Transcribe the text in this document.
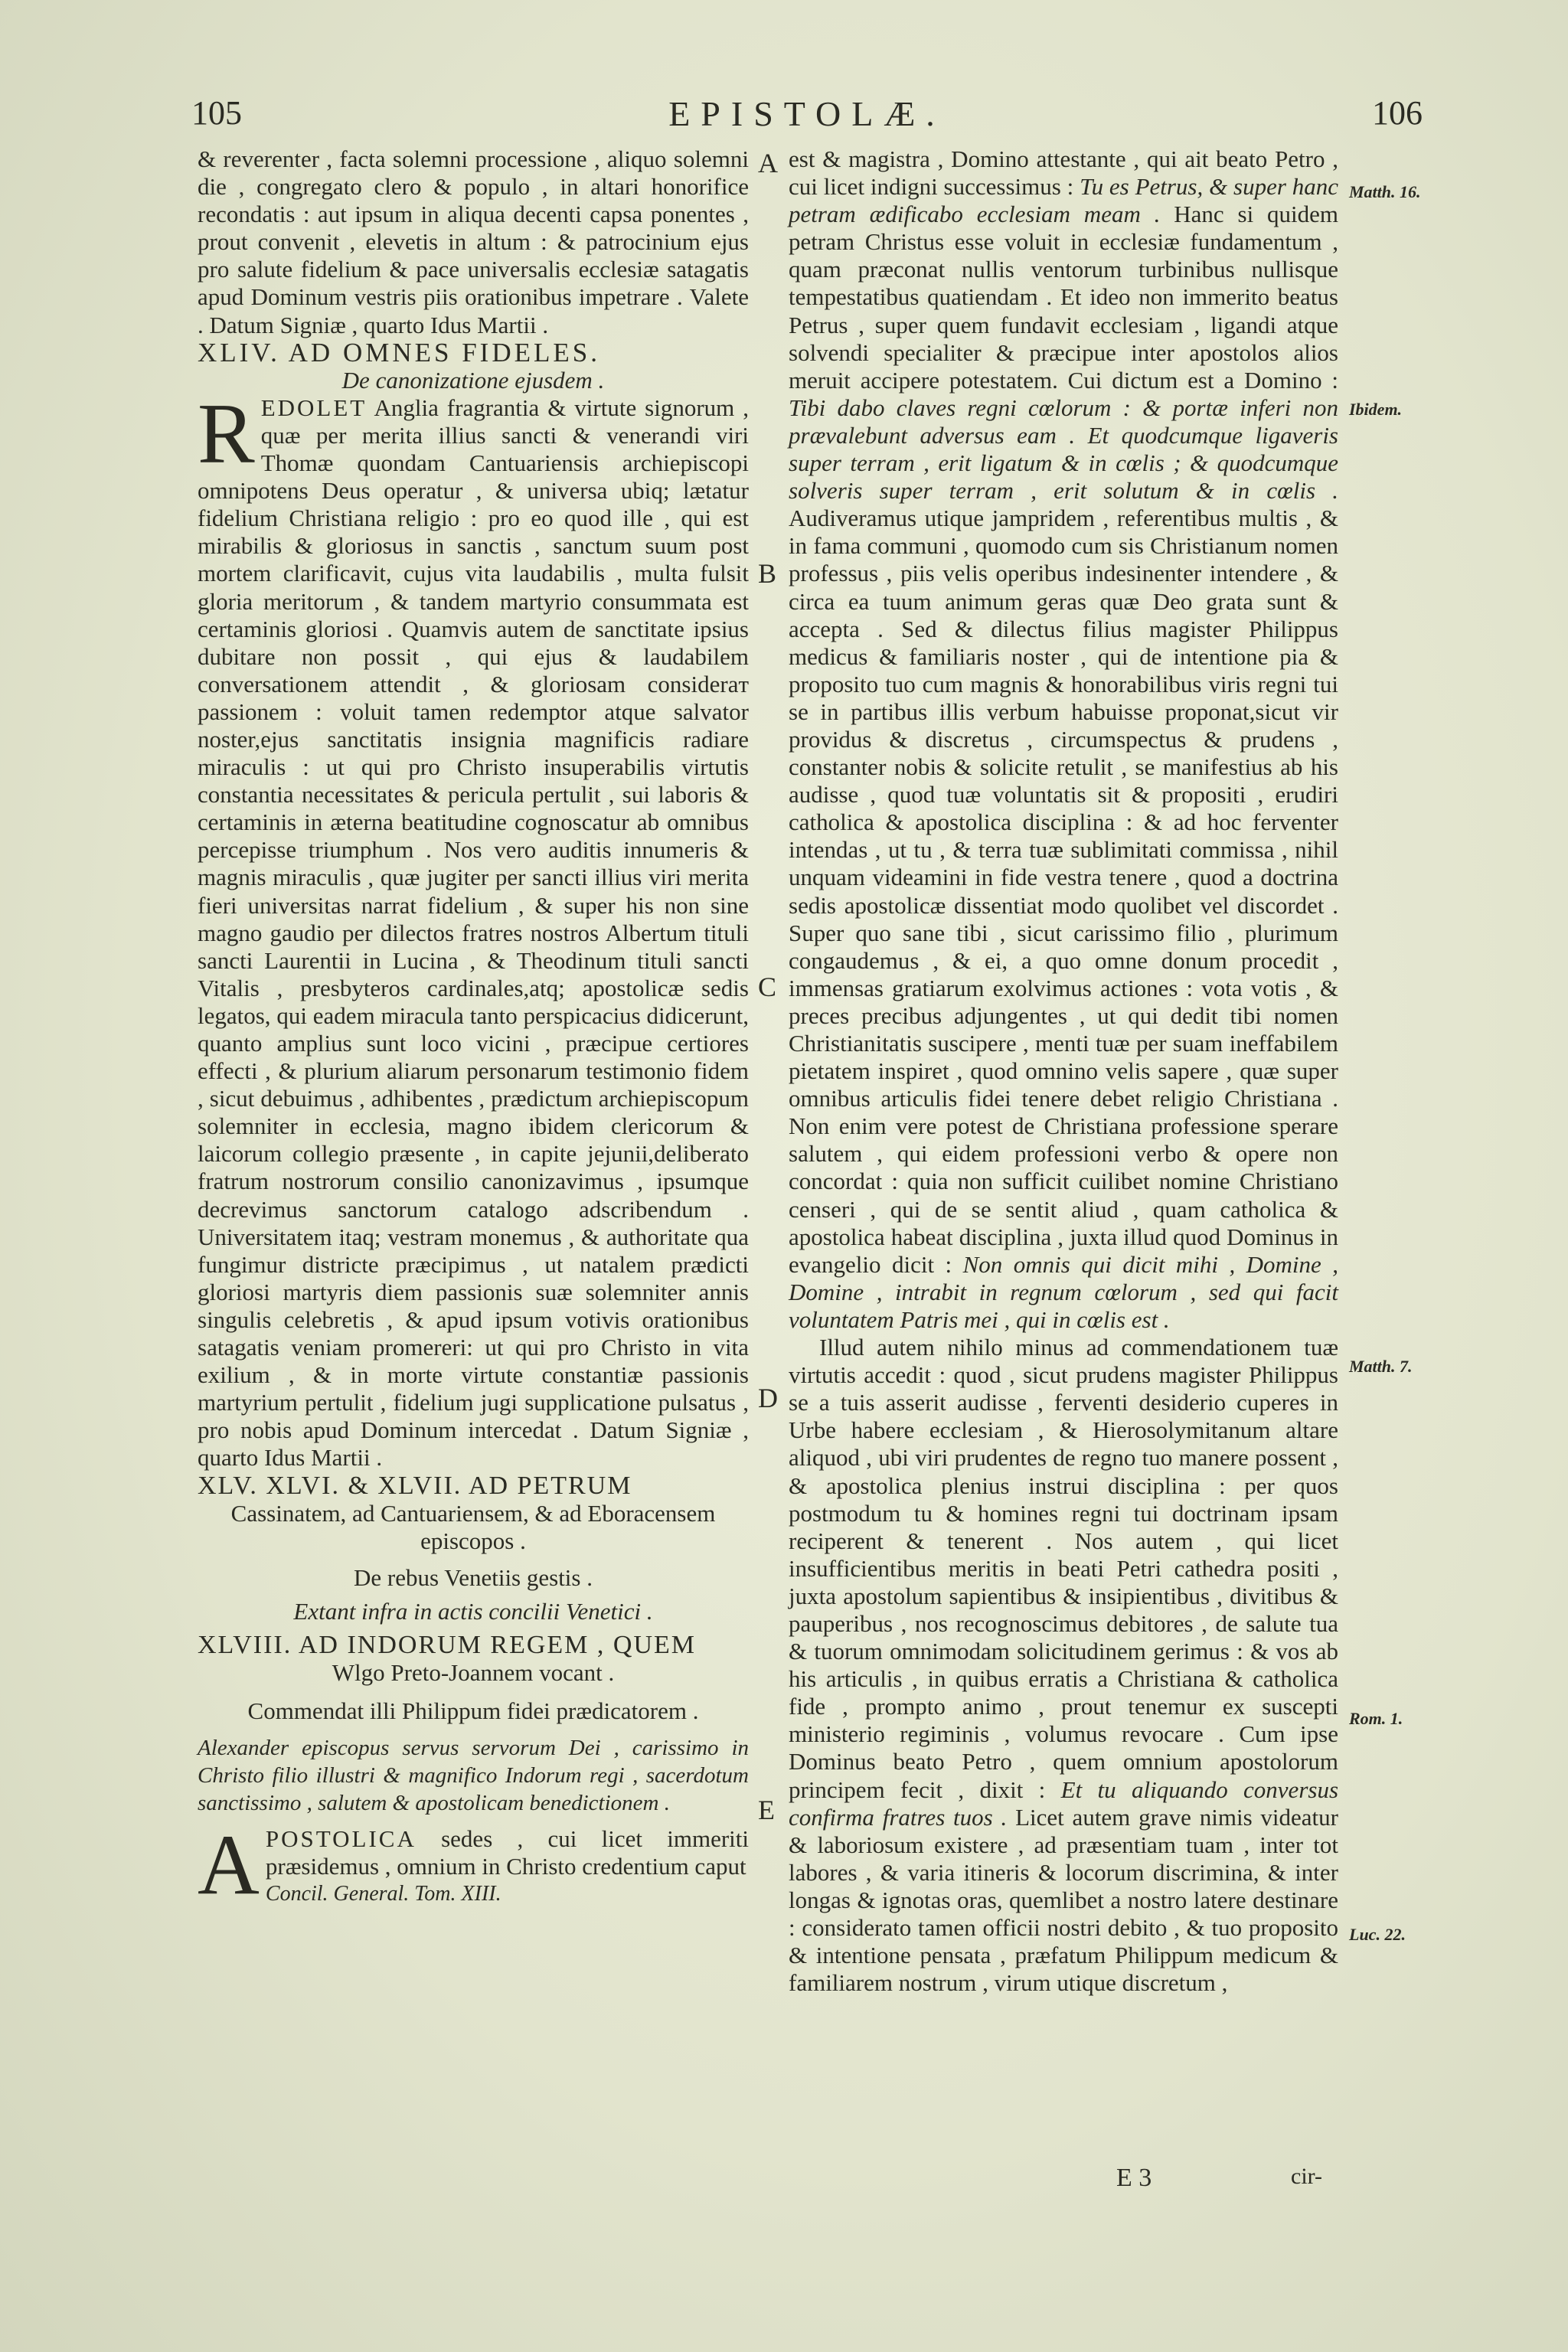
105	EPISTOLÆ.	106

& reverenter , facta solemni processione , aliquo solemni die , congregato clero & populo , in altari honorifice recondatis : aut ipsum in aliqua decenti capsa ponentes , prout convenit , elevetis in altum : & patrocinium ejus pro salute fidelium & pace universalis ecclesiæ satagatis apud Dominum vestris piis orationibus impetrare . Valete . Datum Signiæ , quarto Idus Martii .

XLIV. AD OMNES FIDELES.

De canonizatione ejusdem .

REDOLET Anglia fragrantia & virtute signorum , quæ per merita illius sancti & venerandi viri Thomæ quondam Cantuariensis archiepiscopi omnipotens Deus operatur , & universa ubiq; lætatur fidelium Christiana religio : pro eo quod ille , qui est mirabilis & gloriosus in sanctis , sanctum suum post mortem clarificavit, cujus vita laudabilis , multa fulsit gloria meritorum , & tandem martyrio consummata est certaminis gloriosi . Quamvis autem de sanctitate ipsius dubitare non possit , qui ejus & laudabilem conversationem attendit , & gloriosam consideraт passionem : voluit tamen redemptor atque salvator noster,ejus sanctitatis insignia magnificis radiare miraculis : ut qui pro Christo insuperabilis virtutis constantia necessitates & pericula pertulit , sui laboris & certaminis in æterna beatitudine cognoscatur ab omnibus percepisse triumphum . Nos vero auditis innumeris & magnis miraculis , quæ jugiter per sancti illius viri merita fieri universitas narrat fidelium , & super his non sine magno gaudio per dilectos fratres nostros Albertum tituli sancti Laurentii in Lucina , & Theodinum tituli sancti Vitalis , presbyteros cardinales,atq; apostolicæ sedis legatos, qui eadem miracula tanto perspicacius didicerunt, quanto amplius sunt loco vicini , præcipue certiores effecti , & plurium aliarum personarum testimonio fidem , sicut debuimus , adhibentes , prædictum archiepiscopum solemniter in ecclesia, magno ibidem clericorum & laicorum collegio præsente , in capite jejunii,deliberato fratrum nostrorum consilio canonizavimus , ipsumque decrevimus sanctorum catalogo adscribendum . Universitatem itaq; vestram monemus , & authoritate qua fungimur districte præcipimus , ut natalem prædicti gloriosi martyris diem passionis suæ solemniter annis singulis celebretis , & apud ipsum votivis orationibus satagatis veniam promereri: ut qui pro Christo in vita exilium , & in morte virtute constantiæ passionis martyrium pertulit , fidelium jugi supplicatione pulsatus , pro nobis apud Dominum intercedat . Datum Signiæ , quarto Idus Martii .

XLV. XLVI. & XLVII. AD PETRUM

Cassinatem, ad Cantuariensem, & ad Eboracensem episcopos .

De rebus Venetiis gestis .

Extant infra in actis concilii Venetici .

XLVIII. AD INDORUM REGEM , QUEM

Wlgo Preto-Joannem vocant .

Commendat illi Philippum fidei prædicatorem .

Alexander episcopus servus servorum Dei , carissimo in Christo filio illustri & magnifico Indorum regi , sacerdotum sanctissimo , salutem & apostolicam benedictionem .

APOSTOLICA sedes , cui licet immeriti præsidemus , omnium in Christo credentium caput

Concil. General. Tom. XIII.

est & magistra , Domino attestante , qui ait beato Petro , cui licet indigni successimus : Tu es Petrus, & super hanc petram ædificabo ecclesiam meam . Hanc si quidem petram Christus esse voluit in ecclesiæ fundamentum , quam præconat nullis ventorum turbinibus nullisque tempestatibus quatiendam . Et ideo non immerito beatus Petrus , super quem fundavit ecclesiam , ligandi atque solvendi specialiter & præcipue inter apostolos alios meruit accipere potestatem. Cui dictum est a Domino : Tibi dabo claves regni cœlorum : & portæ inferi non prævalebunt adversus eam . Et quodcumque ligaveris super terram , erit ligatum & in cœlis ; & quodcumque solveris super terram , erit solutum & in cœlis . Audiveramus utique jampridem , referentibus multis , & in fama communi , quomodo cum sis Christianum nomen professus , piis velis operibus indesinenter intendere , & circa ea tuum animum geras quæ Deo grata sunt & accepta . Sed & dilectus filius magister Philippus medicus & familiaris noster , qui de intentione pia & proposito tuo cum magnis & honorabilibus viris regni tui se in partibus illis verbum habuisse proponat,sicut vir providus & discretus , circumspectus & prudens , constanter nobis & solicite retulit , se manifestius ab his audisse , quod tuæ voluntatis sit & propositi , erudiri catholica & apostolica disciplina : & ad hoc ferventer intendas , ut tu , & terra tuæ sublimitati commissa , nihil unquam videamini in fide vestra tenere , quod a doctrina sedis apostolicæ dissentiat modo quolibet vel discordet . Super quo sane tibi , sicut carissimo filio , plurimum congaudemus , & ei, a quo omne donum procedit , immensas gratiarum exolvimus actiones : vota votis , & preces precibus adjungentes , ut qui dedit tibi nomen Christianitatis suscipere , menti tuæ per suam ineffabilem pietatem inspiret , quod omnino velis sapere , quæ super omnibus articulis fidei tenere debet religio Christiana . Non enim vere potest de Christiana professione sperare salutem , qui eidem professioni verbo & opere non concordat : quia non sufficit cuilibet nomine Christiano censeri , qui de se sentit aliud , quam catholica & apostolica habeat disciplina , juxta illud quod Dominus in evangelio dicit : Non omnis qui dicit mihi , Domine , Domine , intrabit in regnum cœlorum , sed qui facit voluntatem Patris mei , qui in cœlis est .

Illud autem nihilo minus ad commendationem tuæ virtutis accedit : quod , sicut prudens magister Philippus se a tuis asserit audisse , ferventi desiderio cuperes in Urbe habere ecclesiam , & Hierosolymitanum altare aliquod , ubi viri prudentes de regno tuo manere possent , & apostolica plenius instrui disciplina : per quos postmodum tu & homines regni tui doctrinam ipsam reciperent & tenerent . Nos autem , qui licet insufficientibus meritis in beati Petri cathedra positi , juxta apostolum sapientibus & insipientibus , divitibus & pauperibus , nos recognoscimus debitores , de salute tua & tuorum omnimodam solicitudinem gerimus : & vos ab his articulis , in quibus erratis a Christiana & catholica fide , prompto animo , prout tenemur ex suscepti ministerio regiminis , volumus revocare . Cum ipse Dominus beato Petro , quem omnium apostolorum principem fecit , dixit : Et tu aliquando conversus confirma fratres tuos . Licet autem grave nimis videatur & laboriosum existere , ad præsentiam tuam , inter tot labores , & varia itineris & locorum discrimina, & inter longas & ignotas oras, quemlibet a nostro latere destinare : considerato tamen officii nostri debito , & tuo proposito & intentione pensata , præfatum Philippum medicum & familiarem nostrum , virum utique discretum ,

A
B
C
D
E
Matth. 16.
Ibidem.
Matth. 7.
Rom. 1.
Luc. 22.
E 3	cir-
